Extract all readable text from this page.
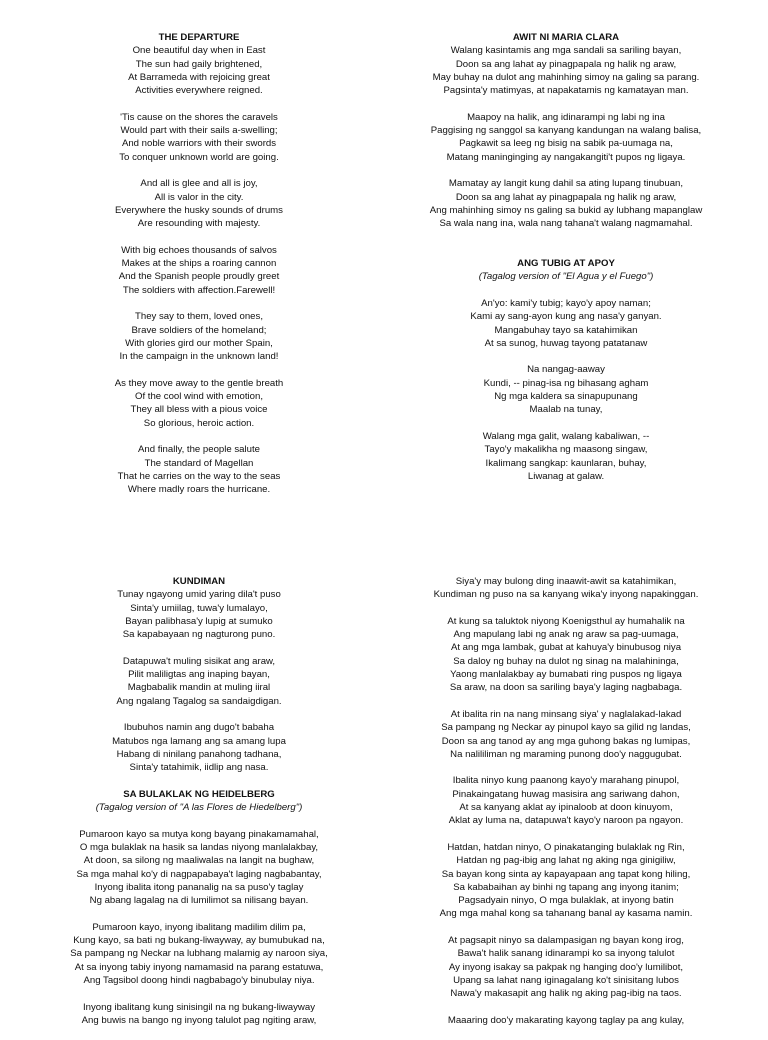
THE DEPARTURE

One beautiful day when in East
The sun had gaily brightened,
At Barrameda with rejoicing great
Activities everywhere reigned.

'Tis cause on the shores the caravels
Would part with their sails a-swelling;
And noble warriors with their swords
To conquer unknown world are going.

And all is glee and all is joy,
All is valor in the city.
Everywhere the husky sounds of drums
Are resounding with majesty.

With big echoes thousands of salvos
Makes at the ships a roaring cannon
And the Spanish people proudly greet
The soldiers with affection.Farewell!

They say to them, loved ones,
Brave soldiers of the homeland;
With glories gird our mother Spain,
In the campaign in the unknown land!

As they move away to the gentle breath
Of the cool wind with emotion,
They all bless with a pious voice
So glorious, heroic action.

And finally, the people salute
The standard of Magellan
That he carries on the way to the seas
Where madly roars the hurricane.

AWIT NI MARIA CLARA

Walang kasintamis ang mga sandali sa sariling bayan,
Doon sa ang lahat ay pinagpapala ng halik ng araw,
May buhay na dulot ang mahinhing simoy na galing sa parang.
Pagsinta'y matimyas, at napakatamis ng kamatayan man.

Maapoy na halik, ang idinarampi ng labi ng ina
Paggising ng sanggol sa kanyang kandungan na walang balisa,
Pagkawit sa leeg ng bisig na sabik pa-uumaga na,
Matang maninginging ay nangakangiti't pupos ng ligaya.

Mamatay ay langit kung dahil sa ating lupang tinubuan,
Doon sa ang lahat ay pinagpapala ng halik ng araw,
Ang mahinhing simoy ns galing sa bukid ay lubhang mapanglaw
Sa wala nang ina, wala nang tahana't walang nagmamahal.

ANG TUBIG AT APOY

(Tagalog version of "El Agua y el Fuego")

An'yo: kami'y tubig; kayo'y apoy naman;
Kami ay sang-ayon kung ang nasa'y ganyan.
Mangabuhay tayo sa katahimikan
At sa sunog, huwag tayong patatanaw

Na nangag-aaway
Kundi, -- pinag-isa ng bihasang agham
Ng mga kaldera sa sinapupunang
Maalab na tunay,

Walang mga galit, walang kabaliwan, --
Tayo'y makalikha ng maasong singaw,
Ikalimang sangkap: kaunlaran, buhay,
Liwanag at galaw.

KUNDIMAN

Tunay ngayong umid yaring dila't puso
Sinta'y umiilag, tuwa'y lumalayo,
Bayan palibhasa'y lupig at sumuko
Sa kapabayaan ng nagturong puno.

Datapuwa't muling sisikat ang araw,
Pilit maliligtas ang inaping bayan,
Magbabalik mandin at muling iiral
Ang ngalang Tagalog sa sandaigdigan.

Ibubuhos namin ang dugo't babaha
Matubos nga lamang ang sa amang lupa
Habang di ninilang panahong tadhana,
Sinta'y tatahimik, iidlip ang nasa.

SA BULAKLAK NG HEIDELBERG

(Tagalog version of "A las Flores de Hiedelberg")

Pumaroon kayo sa mutya kong bayang pinakamamahal,
O mga bulaklak na hasik sa landas niyong manlalakbay,
At doon, sa silong ng maaliwalas na langit na bughaw,
Sa mga mahal ko'y di nagpapabaya't laging nagbabantay,
Inyong ibalita itong pananalig na sa puso'y taglay
Ng abang lagalag na di lumilimot sa nilisang bayan.

Pumaroon kayo, inyong ibalitang madilim dilim pa,
Kung kayo, sa bati ng bukang-liwayway, ay bumubukad na,
Sa pampang ng Neckar na lubhang malamig ay naroon siya,
At sa inyong tabiy inyong namamasid na parang estatuwa,
Ang Tagsibol doong hindi nagbabago'y binubulay niya.

Inyong ibalitang kung sinisingil na ng bukang-liwayway
Ang buwis na bango ng inyong talulot pag ngiting araw,

Siya'y may bulong ding inaawit-awit sa katahimikan,
Kundiman ng puso na sa kanyang wika'y inyong napakinggan.

At kung sa taluktok niyong Koenigsthul ay humahalik na
Ang mapulang labi ng anak ng araw sa pag-uumaga,
At ang mga lambak, gubat at kahuya'y binubusog niya
Sa daloy ng buhay na dulot ng sinag na malahininga,
Yaong manlalakbay ay bumabati ring puspos ng ligaya
Sa araw, na doon sa sariling baya'y laging nagbabaga.

At ibalita rin na nang minsang siya' y naglalakad-lakad
Sa pampang ng Neckar ay pinupol kayo sa gilid ng landas,
Doon sa ang tanod ay ang mga guhong bakas ng lumipas,
Na nalililiman ng maraming punong doo'y naggugubat.

Ibalita ninyo kung paanong kayo'y marahang pinupol,
Pinakaingatang huwag masisira ang sariwang dahon,
At sa kanyang aklat ay ipinaloob at doon kinuyom,
Aklat ay luma na, datapuwa't kayo'y naroon pa ngayon.

Hatdan, hatdan ninyo, O pinakatanging bulaklak ng Rin,
Hatdan ng pag-ibig ang lahat ng aking nga ginigiliw,
Sa bayan kong sinta ay kapayapaan ang tapat kong hiling,
Sa kababaihan ay binhi ng tapang ang inyong itanim;
Pagsadyain ninyo, O mga bulaklak, at inyong batin
Ang mga mahal kong sa tahanang banal ay kasama namin.

At pagsapit ninyo sa dalampasigan ng bayan kong irog,
Bawa't halik sanang idinarampi ko sa inyong talulot
Ay inyong isakay sa pakpak ng hanging doo'y lumilibot,
Upang sa lahat nang iginagalang ko't sinisitang lubos
Nawa'y makasapit ang halik ng aking pag-ibig na taos.

Maaaring doo'y makarating kayong taglay pa ang kulay,
